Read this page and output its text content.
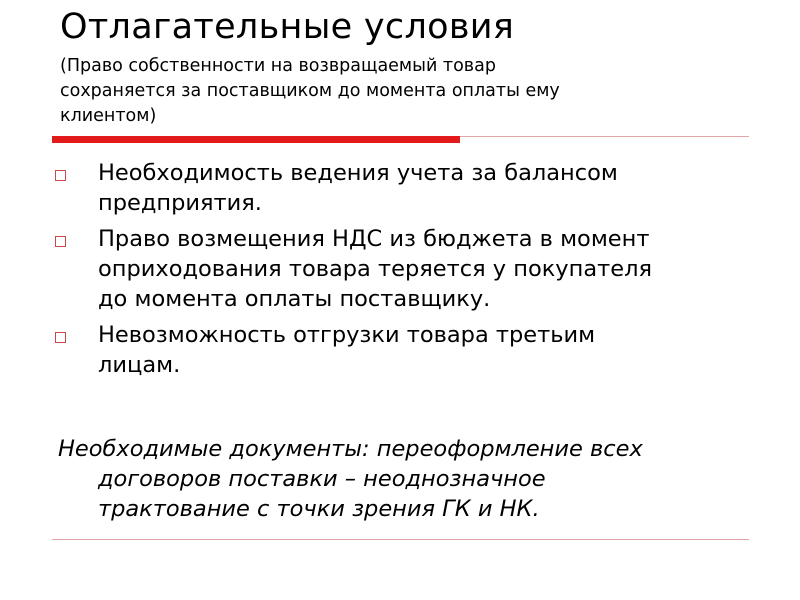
Отлагательные условия
(Право собственности на возвращаемый товар
сохраняется за поставщиком до момента оплаты ему
клиентом)
Необходимость ведения учета за балансом
предприятия.
Право возмещения НДС из бюджета в момент
оприходования товара теряется у покупателя
до момента оплаты поставщику.
Невозможность отгрузки товара третьим
лицам.
Необходимые документы: переоформление всех
договоров поставки – неоднозначное
трактование с точки зрения ГК и НК.
